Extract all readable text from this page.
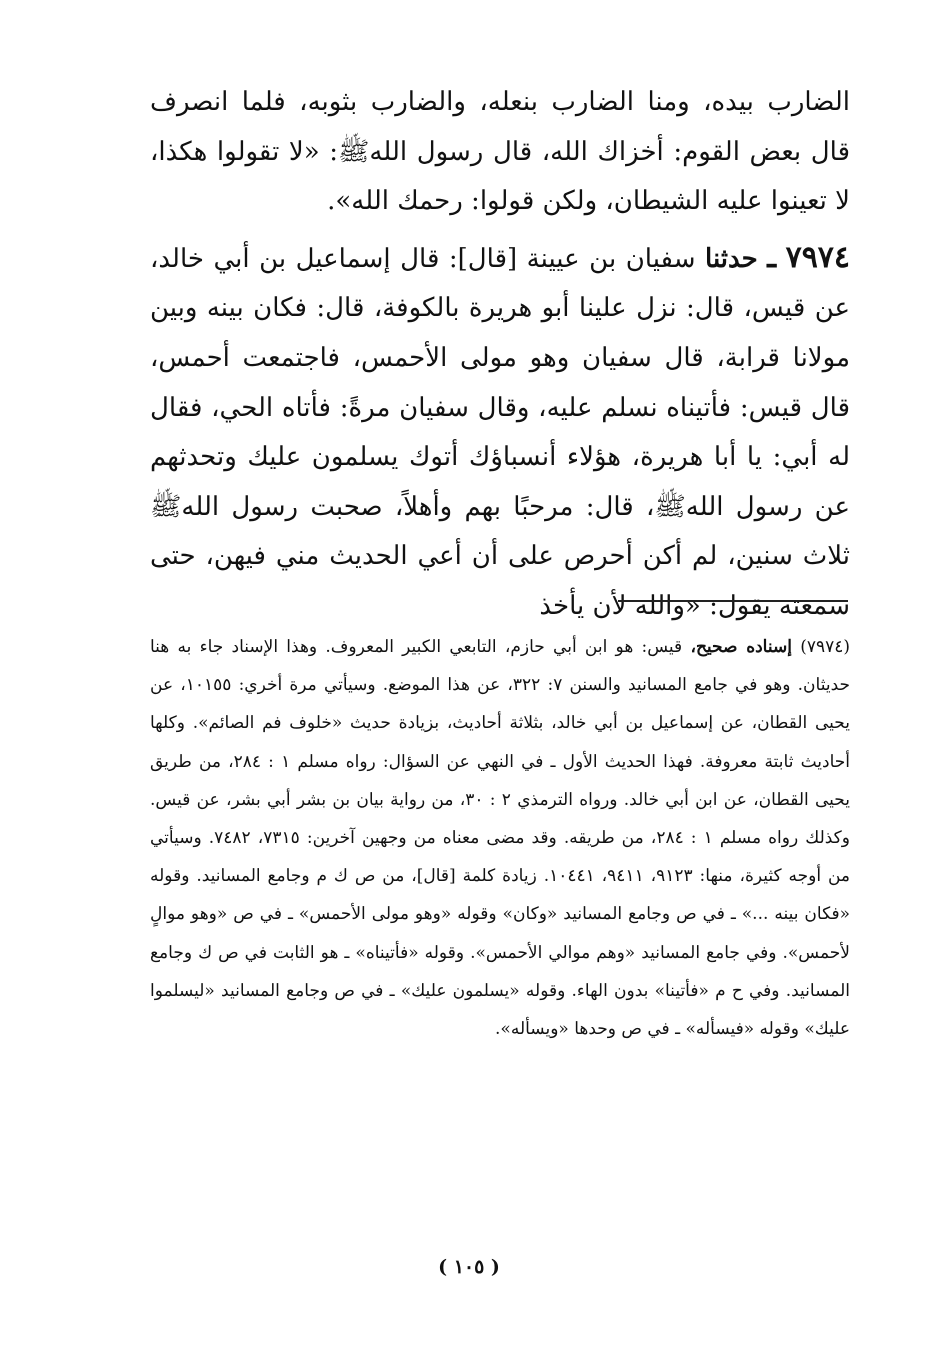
الضارب بيده، ومنا الضارب بنعله، والضارب بثوبه، فلما انصرف قال بعض القوم: أخزاك الله، قال رسول اللهﷺ: «لا تقولوا هكذا، لا تعينوا عليه الشيطان، ولكن قولوا: رحمك الله».

٧٩٧٤ ـ حدثنا سفيان بن عيينة [قال]: قال إسماعيل بن أبي خالد، عن قيس، قال: نزل علينا أبو هريرة بالكوفة، قال: فكان بينه وبين مولانا قرابة، قال سفيان وهو مولى الأحمس، فاجتمعت أحمس، قال قيس: فأتيناه نسلم عليه، وقال سفيان مرةً: فأتاه الحي، فقال له أبي: يا أبا هريرة، هؤلاء أنسباؤك أتوك يسلمون عليك وتحدثهم عن رسول اللهﷺ، قال: مرحبًا بهم وأهلاً، صحبت رسول اللهﷺ ثلاث سنين، لم أكن أحرص على أن أعي الحديث مني فيهن، حتى سمعته يقول: «والله لأن يأخذ

(٧٩٧٤) إسناده صحيح، قيس: هو ابن أبي حازم، التابعي الكبير المعروف. وهذا الإسناد جاء به هنا حديثان. وهو في جامع المسانيد والسنن ٧: ٣٢٢، عن هذا الموضع. وسيأتي مرة أخري: ١٠١٥٥، عن يحيى القطان، عن إسماعيل بن أبي خالد، بثلاثة أحاديث، بزيادة حديث «خلوف فم الصائم». وكلها أحاديث ثابتة معروفة. فهذا الحديث الأول ـ في النهي عن السؤال: رواه مسلم ١ : ٢٨٤، من طريق يحيى القطان، عن ابن أبي خالد. ورواه الترمذي ٢ : ٣٠، من رواية بيان بن بشر أبي بشر، عن قيس. وكذلك رواه مسلم ١ : ٢٨٤، من طريقه. وقد مضى معناه من وجهين آخرين: ٧٣١٥، ٧٤٨٢. وسيأتي من أوجه كثيرة، منها: ٩١٢٣، ٩٤١١، ١٠٤٤١. زيادة كلمة [قال]، من ص ك م وجامع المسانيد. وقوله «فكان بينه ...» ـ في ص وجامع المسانيد «وكان» وقوله «وهو مولى الأحمس» ـ في ص «وهو موالٍ لأحمس». وفي جامع المسانيد «وهم موالي الأحمس». وقوله «فأتيناه» ـ هو الثابت في ص ك وجامع المسانيد. وفي ح م «فأتينا» بدون الهاء. وقوله «يسلمون عليك» ـ في ص وجامع المسانيد «ليسلموا عليك» وقوله «فيسأله» ـ في ص وحدها «ويسأله».

( ١٠٥ )
